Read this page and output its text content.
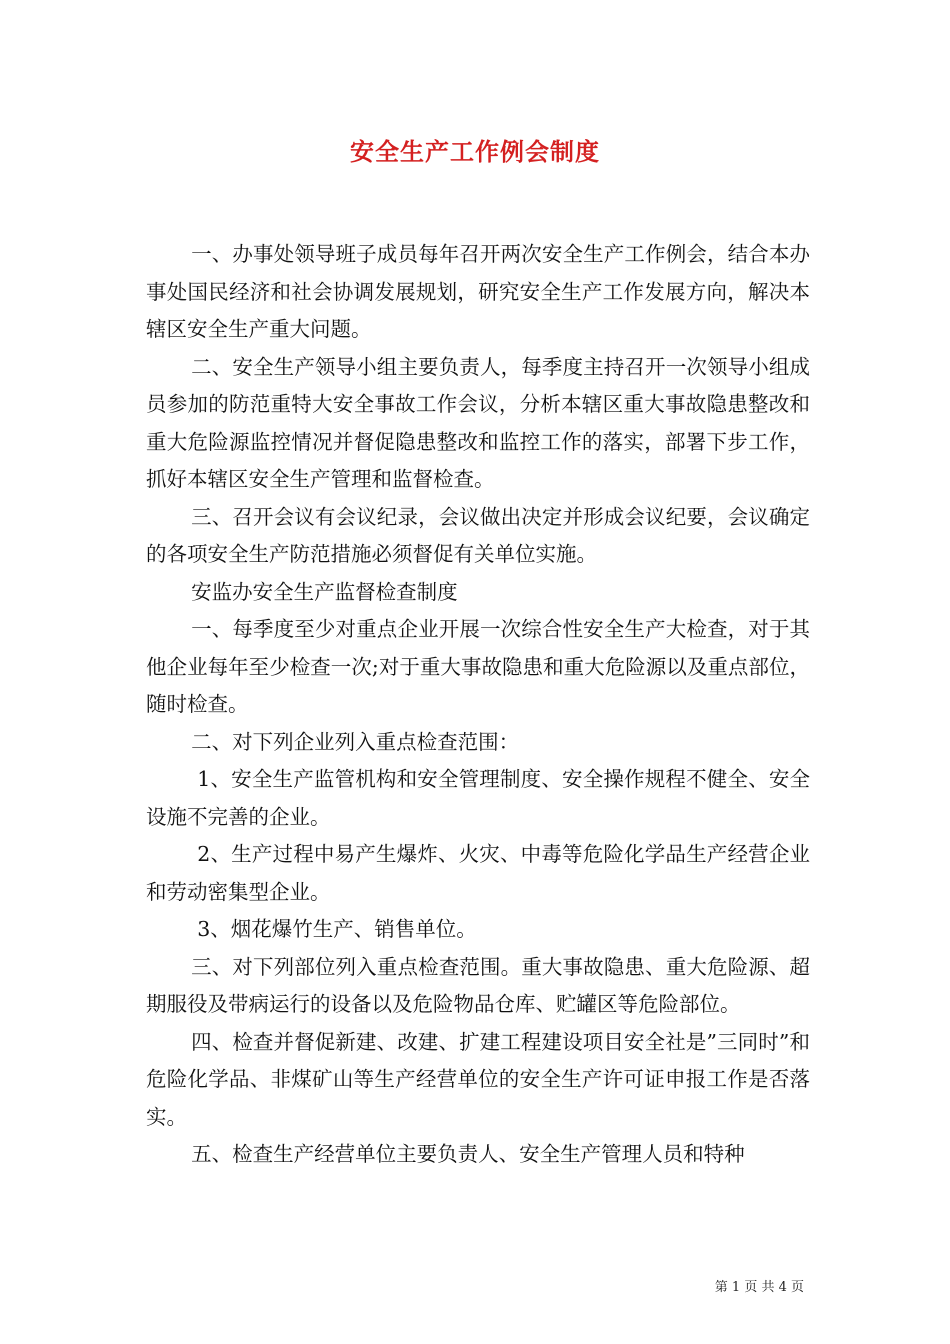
安全生产工作例会制度

一、办事处领导班子成员每年召开两次安全生产工作例会，结合本办事处国民经济和社会协调发展规划，研究安全生产工作发展方向，解决本辖区安全生产重大问题。

二、安全生产领导小组主要负责人，每季度主持召开一次领导小组成员参加的防范重特大安全事故工作会议，分析本辖区重大事故隐患整改和重大危险源监控情况并督促隐患整改和监控工作的落实，部署下步工作，抓好本辖区安全生产管理和监督检查。

三、召开会议有会议纪录，会议做出决定并形成会议纪要，会议确定的各项安全生产防范措施必须督促有关单位实施。

安监办安全生产监督检查制度

一、每季度至少对重点企业开展一次综合性安全生产大检查，对于其他企业每年至少检查一次;对于重大事故隐患和重大危险源以及重点部位，随时检查。

二、对下列企业列入重点检查范围：

1、安全生产监管机构和安全管理制度、安全操作规程不健全、安全设施不完善的企业。

2、生产过程中易产生爆炸、火灾、中毒等危险化学品生产经营企业和劳动密集型企业。

3、烟花爆竹生产、销售单位。

三、对下列部位列入重点检查范围。重大事故隐患、重大危险源、超期服役及带病运行的设备以及危险物品仓库、贮罐区等危险部位。

四、检查并督促新建、改建、扩建工程建设项目安全社是”三同时”和危险化学品、非煤矿山等生产经营单位的安全生产许可证申报工作是否落实。

五、检查生产经营单位主要负责人、安全生产管理人员和特种

第 1 页 共 4 页
